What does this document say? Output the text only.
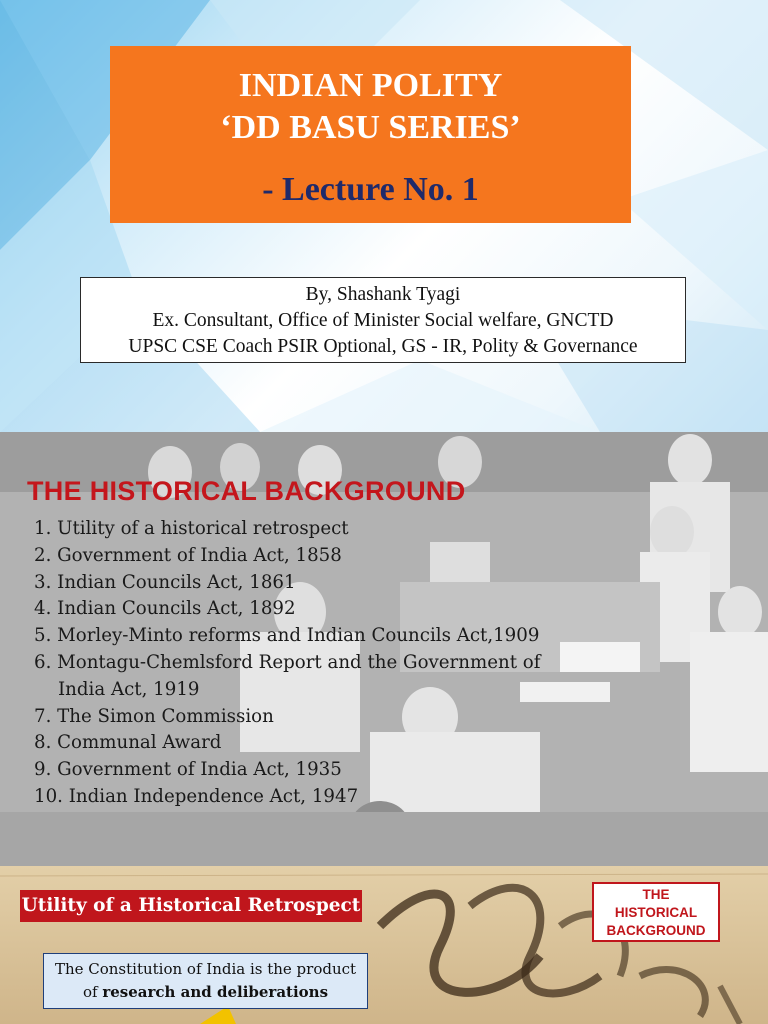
INDIAN POLITY
‘DD BASU SERIES’
- Lecture No. 1
By, Shashank Tyagi
Ex. Consultant, Office of Minister Social welfare, GNCTD
UPSC CSE Coach PSIR Optional, GS - IR, Polity & Governance
THE HISTORICAL BACKGROUND
1. Utility of a historical retrospect
2. Government of India Act, 1858
3. Indian Councils Act, 1861
4. Indian Councils Act, 1892
5. Morley-Minto reforms and Indian Councils Act,1909
6. Montagu-Chemlsford Report and the Government of India Act, 1919
7. The Simon Commission
8. Communal Award
9. Government of India Act, 1935
10. Indian Independence Act, 1947
Utility of a Historical Retrospect
THE
HISTORICAL
BACKGROUND
The Constitution of India is the product
of research and deliberations
